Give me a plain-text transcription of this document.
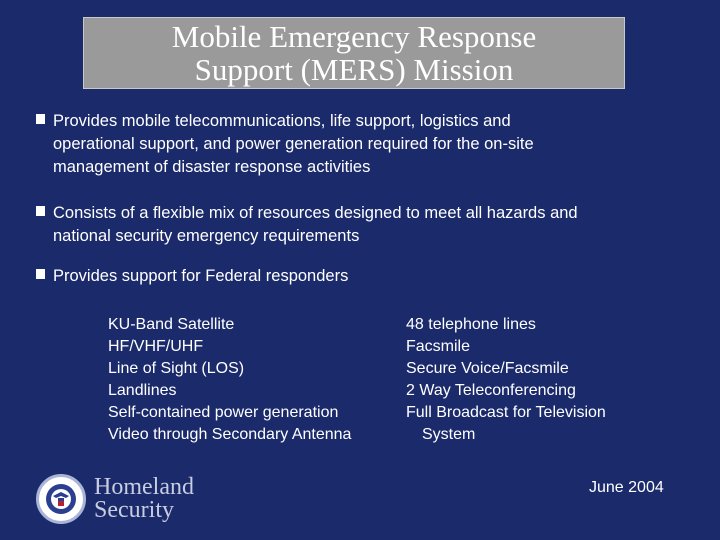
Mobile Emergency Response
Support (MERS) Mission
Provides mobile telecommunications, life support, logistics and operational support, and power generation required for the on-site management of disaster response activities
Consists of a flexible mix of resources designed to meet all hazards and national security emergency requirements
Provides support for Federal responders
KU-Band Satellite
HF/VHF/UHF
Line of Sight (LOS)
Landlines
Self-contained power generation
Video through Secondary Antenna
48 telephone lines
Facsmile
Secure Voice/Facsmile
2 Way Teleconferencing
Full Broadcast for Television
System
Homeland
Security
June 2004
